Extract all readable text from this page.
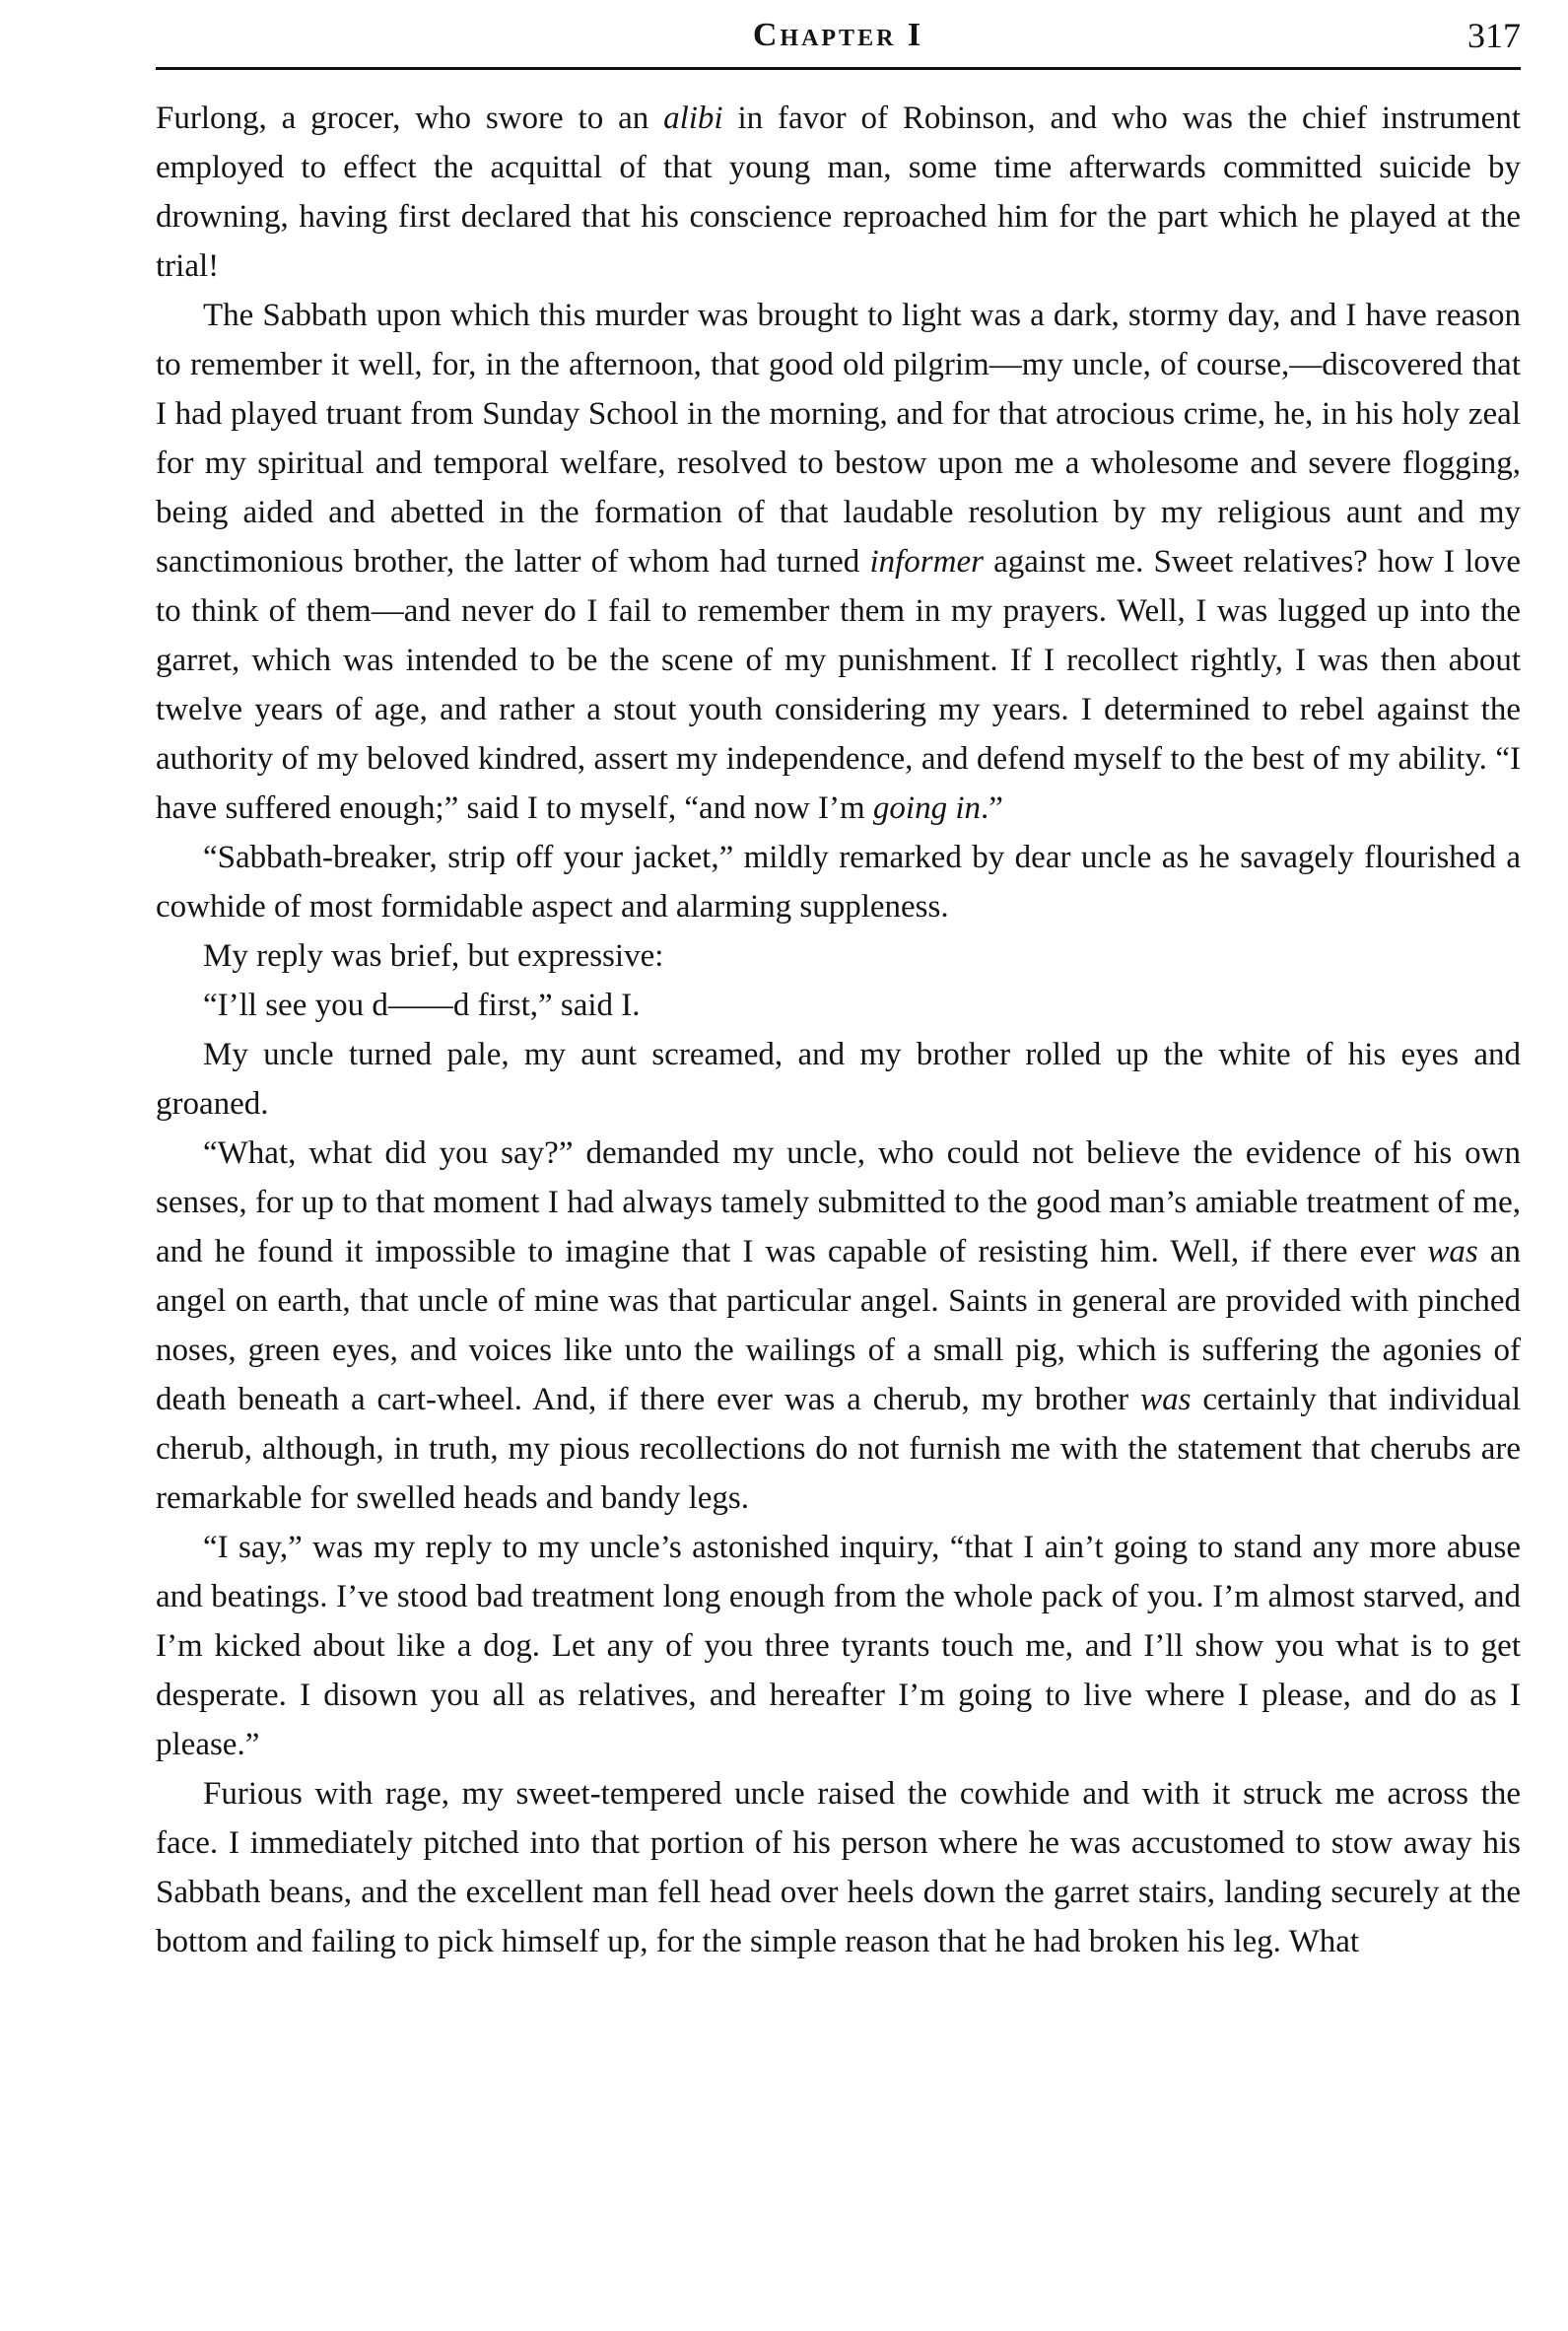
Chapter I	317

Furlong, a grocer, who swore to an alibi in favor of Robinson, and who was the chief instrument employed to effect the acquittal of that young man, some time afterwards committed suicide by drowning, having first declared that his conscience reproached him for the part which he played at the trial!

The Sabbath upon which this murder was brought to light was a dark, stormy day, and I have reason to remember it well, for, in the afternoon, that good old pilgrim—my uncle, of course,—discovered that I had played truant from Sunday School in the morning, and for that atrocious crime, he, in his holy zeal for my spiritual and temporal welfare, resolved to bestow upon me a wholesome and severe flogging, being aided and abetted in the formation of that laudable resolution by my religious aunt and my sanctimonious brother, the latter of whom had turned informer against me. Sweet relatives? how I love to think of them—and never do I fail to remember them in my prayers. Well, I was lugged up into the garret, which was intended to be the scene of my punishment. If I recollect rightly, I was then about twelve years of age, and rather a stout youth considering my years. I determined to rebel against the authority of my beloved kindred, assert my independence, and defend myself to the best of my ability. “I have suffered enough;” said I to myself, “and now I’m going in.”

“Sabbath-breaker, strip off your jacket,” mildly remarked by dear uncle as he savagely flourished a cowhide of most formidable aspect and alarming suppleness.

My reply was brief, but expressive:

“I’ll see you d——d first,” said I.

My uncle turned pale, my aunt screamed, and my brother rolled up the white of his eyes and groaned.

“What, what did you say?” demanded my uncle, who could not believe the evidence of his own senses, for up to that moment I had always tamely submitted to the good man’s amiable treatment of me, and he found it impossible to imagine that I was capable of resisting him. Well, if there ever was an angel on earth, that uncle of mine was that particular angel. Saints in general are provided with pinched noses, green eyes, and voices like unto the wailings of a small pig, which is suffering the agonies of death beneath a cart-wheel. And, if there ever was a cherub, my brother was certainly that individual cherub, although, in truth, my pious recollections do not furnish me with the statement that cherubs are remarkable for swelled heads and bandy legs.

“I say,” was my reply to my uncle’s astonished inquiry, “that I ain’t going to stand any more abuse and beatings. I’ve stood bad treatment long enough from the whole pack of you. I’m almost starved, and I’m kicked about like a dog. Let any of you three tyrants touch me, and I’ll show you what is to get desperate. I disown you all as relatives, and hereafter I’m going to live where I please, and do as I please.”

Furious with rage, my sweet-tempered uncle raised the cowhide and with it struck me across the face. I immediately pitched into that portion of his person where he was accustomed to stow away his Sabbath beans, and the excellent man fell head over heels down the garret stairs, landing securely at the bottom and failing to pick himself up, for the simple reason that he had broken his leg. What
